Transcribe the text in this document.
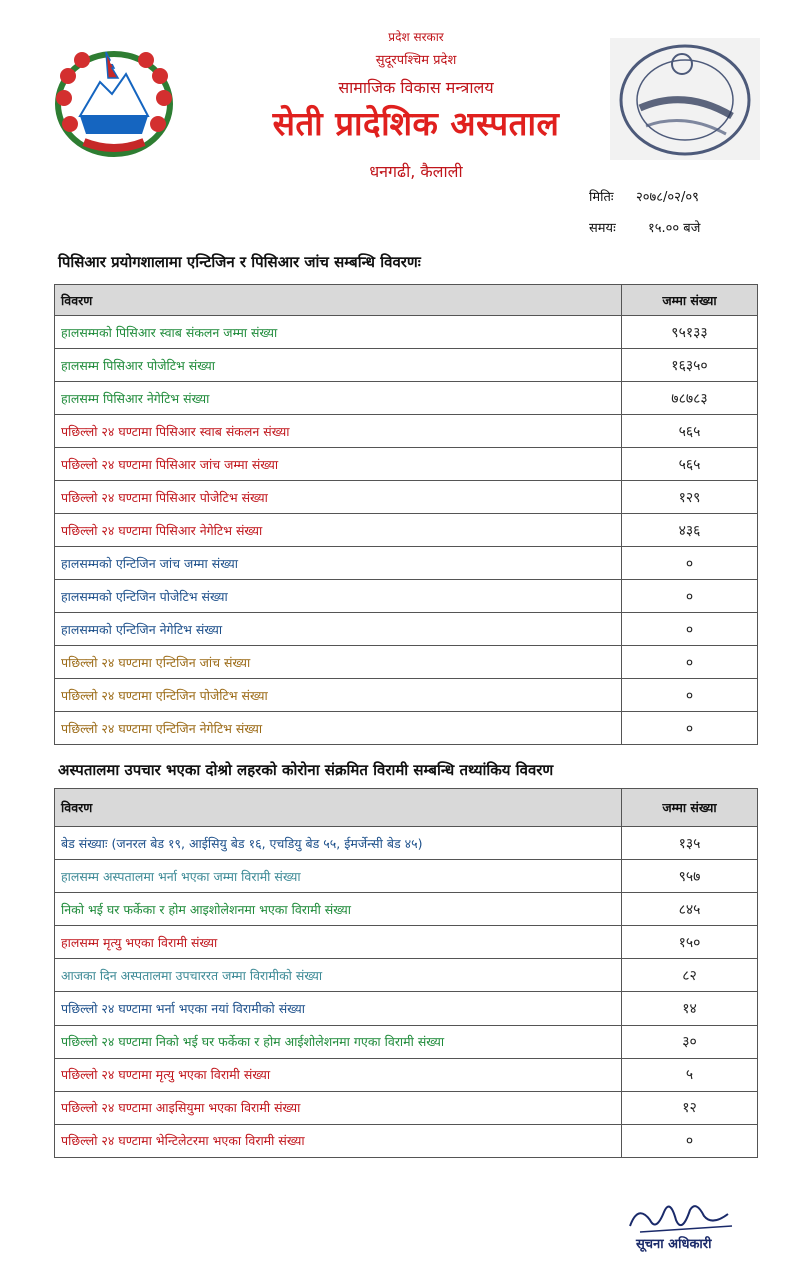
प्रदेश सरकार
सुदूरपश्चिम प्रदेश
सामाजिक विकास मन्त्रालय
सेती प्रादेशिक अस्पताल
धनगढी, कैलाली
मितिः २०७८/०२/०९
समयः १५.०० बजे
पिसिआर प्रयोगशालामा एन्टिजिन र पिसिआर जांच सम्बन्धि विवरणः
विवरण	जम्मा संख्या
हालसम्मको पिसिआर स्वाब संकलन जम्मा संख्या	९५१३३
हालसम्म पिसिआर पोजेटिभ संख्या	१६३५०
हालसम्म पिसिआर नेगेटिभ संख्या	७८७८३
पछिल्लो २४ घण्टामा पिसिआर स्वाब संकलन संख्या	५६५
पछिल्लो २४ घण्टामा पिसिआर जांच जम्मा संख्या	५६५
पछिल्लो २४ घण्टामा पिसिआर पोजेटिभ संख्या	१२९
पछिल्लो २४ घण्टामा पिसिआर नेगेटिभ संख्या	४३६
हालसम्मको एन्टिजिन जांच जम्मा संख्या	०
हालसम्मको एन्टिजिन पोजेटिभ संख्या	०
हालसम्मको एन्टिजिन नेगेटिभ संख्या	०
पछिल्लो २४ घण्टामा एन्टिजिन जांच संख्या	०
पछिल्लो २४ घण्टामा एन्टिजिन पोजेटिभ संख्या	०
पछिल्लो २४ घण्टामा एन्टिजिन नेगेटिभ संख्या	०
अस्पतालमा उपचार भएका दोश्रो लहरको कोरोना संक्रमित विरामी सम्बन्धि तथ्यांकिय विवरण
विवरण	जम्मा संख्या
बेड संख्याः (जनरल बेड १९, आईसियु बेड १६, एचडियु बेड ५५, ईमर्जेन्सी बेड ४५)	१३५
हालसम्म अस्पतालमा भर्ना भएका जम्मा विरामी संख्या	९५७
निको भई घर फर्केका र होम आइशोलेशनमा भएका विरामी संख्या	८४५
हालसम्म मृत्यु भएका विरामी संख्या	१५०
आजका दिन अस्पतालमा उपचाररत जम्मा विरामीको संख्या	८२
पछिल्लो २४ घण्टामा भर्ना भएका नयां विरामीको संख्या	१४
पछिल्लो २४ घण्टामा निको भई घर फर्केका र होम आईशोलेशनमा गएका विरामी संख्या	३०
पछिल्लो २४ घण्टामा मृत्यु भएका विरामी संख्या	५
पछिल्लो २४ घण्टामा आइसियुमा भएका विरामी संख्या	१२
पछिल्लो २४ घण्टामा भेन्टिलेटरमा भएका विरामी संख्या	०
सूचना अधिकारी
